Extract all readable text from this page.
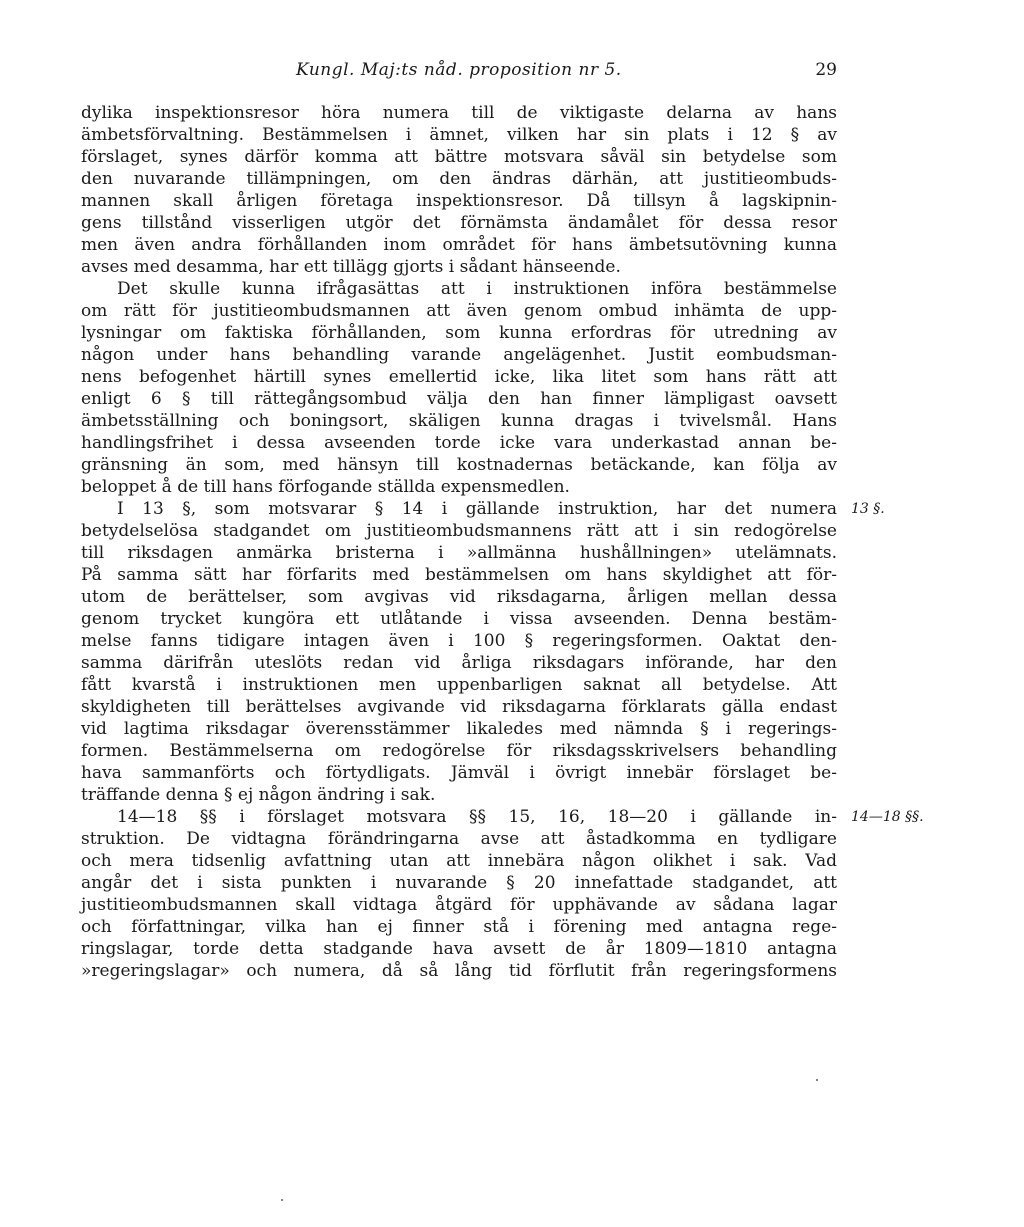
Kungl. Maj:ts nåd. proposition nr 5.	29
dylika inspektionsresor höra numera till de viktigaste delarna av hans
ämbetsförvaltning. Bestämmelsen i ämnet, vilken har sin plats i 12 § av
förslaget, synes därför komma att bättre motsvara såväl sin betydelse som
den nuvarande tillämpningen, om den ändras därhän, att justitieombuds-
mannen skall årligen företaga inspektionsresor. Då tillsyn å lagskipnin-
gens tillstånd visserligen utgör det förnämsta ändamålet för dessa resor
men även andra förhållanden inom området för hans ämbetsutövning kunna
avses med desamma, har ett tillägg gjorts i sådant hänseende.
Det skulle kunna ifrågasättas att i instruktionen införa bestämmelse
om rätt för justitieombudsmannen att även genom ombud inhämta de upp-
lysningar om faktiska förhållanden, som kunna erfordras för utredning av
någon under hans behandling varande angelägenhet. Justit eombudsman-
nens befogenhet härtill synes emellertid icke, lika litet som hans rätt att
enligt 6 § till rättegångsombud välja den han finner lämpligast oavsett
ämbetsställning och boningsort, skäligen kunna dragas i tvivelsmål. Hans
handlingsfrihet i dessa avseenden torde icke vara underkastad annan be-
gränsning än som, med hänsyn till kostnadernas betäckande, kan följa av
beloppet å de till hans förfogande ställda expensmedlen.
I 13 §, som motsvarar § 14 i gällande instruktion, har det numera
betydelselösa stadgandet om justitieombudsmannens rätt att i sin redogörelse
till riksdagen anmärka bristerna i »allmänna hushållningen» utelämnats.
På samma sätt har förfarits med bestämmelsen om hans skyldighet att för-
utom de berättelser, som avgivas vid riksdagarna, årligen mellan dessa
genom trycket kungöra ett utlåtande i vissa avseenden. Denna bestäm-
melse fanns tidigare intagen även i 100 § regeringsformen. Oaktat den-
samma därifrån uteslöts redan vid årliga riksdagars införande, har den
fått kvarstå i instruktionen men uppenbarligen saknat all betydelse. Att
skyldigheten till berättelses avgivande vid riksdagarna förklarats gälla endast
vid lagtima riksdagar överensstämmer likaledes med nämnda § i regerings-
formen. Bestämmelserna om redogörelse för riksdagsskrivelsers behandling
hava sammanförts och förtydligats. Jämväl i övrigt innebär förslaget be-
träffande denna § ej någon ändring i sak.
14—18 §§ i förslaget motsvara §§ 15, 16, 18—20 i gällande in-
struktion. De vidtagna förändringarna avse att åstadkomma en tydligare
och mera tidsenlig avfattning utan att innebära någon olikhet i sak. Vad
angår det i sista punkten i nuvarande § 20 innefattade stadgandet, att
justitieombudsmannen skall vidtaga åtgärd för upphävande av sådana lagar
och författningar, vilka han ej finner stå i förening med antagna rege-
ringslagar, torde detta stadgande hava avsett de år 1809—1810 antagna
»regeringslagar» och numera, då så lång tid förflutit från regeringsformens
13 §.
14—18 §§.
